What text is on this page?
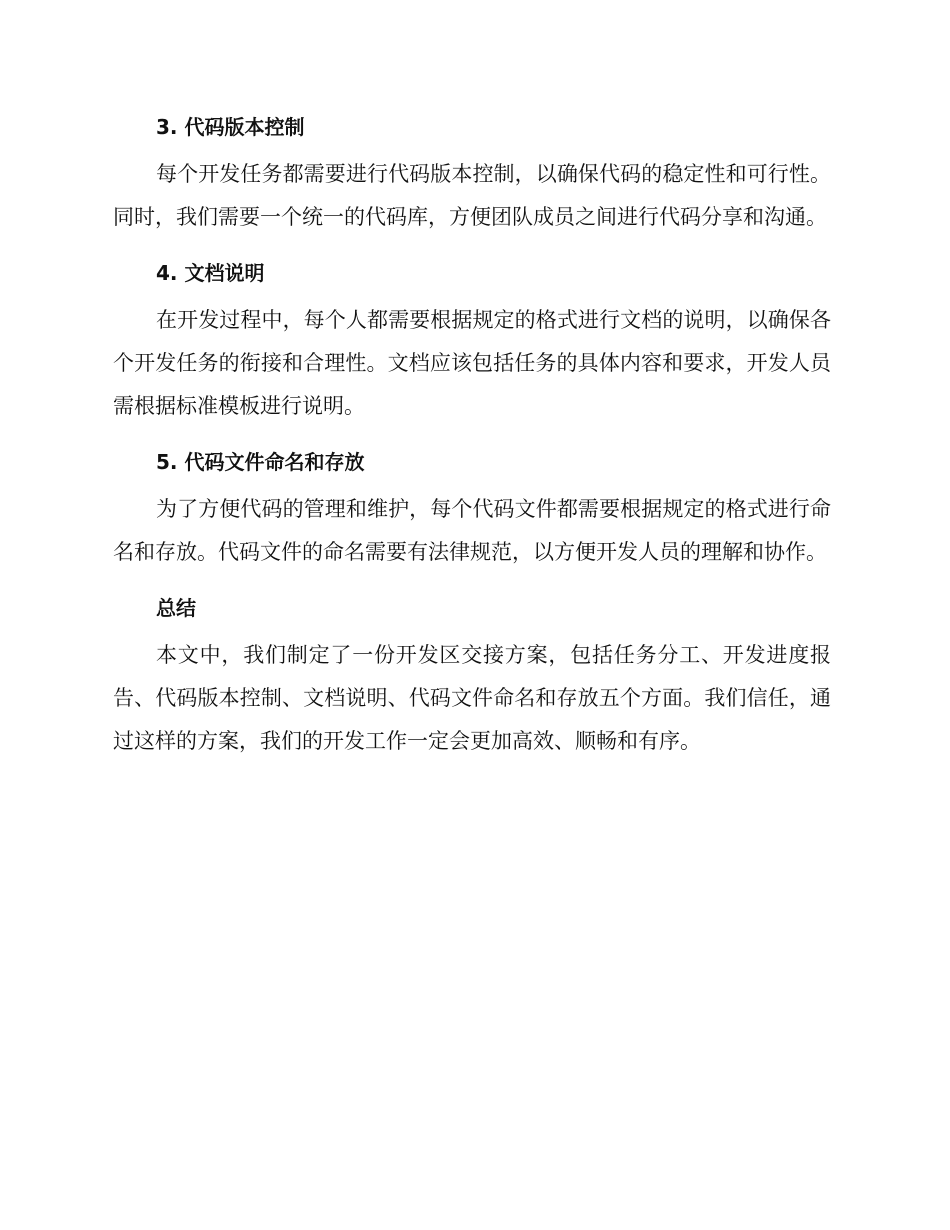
3. 代码版本控制
每个开发任务都需要进行代码版本控制，以确保代码的稳定性和可行性。同时，我们需要一个统一的代码库，方便团队成员之间进行代码分享和沟通。
4. 文档说明
在开发过程中，每个人都需要根据规定的格式进行文档的说明，以确保各个开发任务的衔接和合理性。文档应该包括任务的具体内容和要求，开发人员需根据标准模板进行说明。
5. 代码文件命名和存放
为了方便代码的管理和维护，每个代码文件都需要根据规定的格式进行命名和存放。代码文件的命名需要有法律规范，以方便开发人员的理解和协作。
总结
本文中，我们制定了一份开发区交接方案，包括任务分工、开发进度报告、代码版本控制、文档说明、代码文件命名和存放五个方面。我们信任，通过这样的方案，我们的开发工作一定会更加高效、顺畅和有序。
